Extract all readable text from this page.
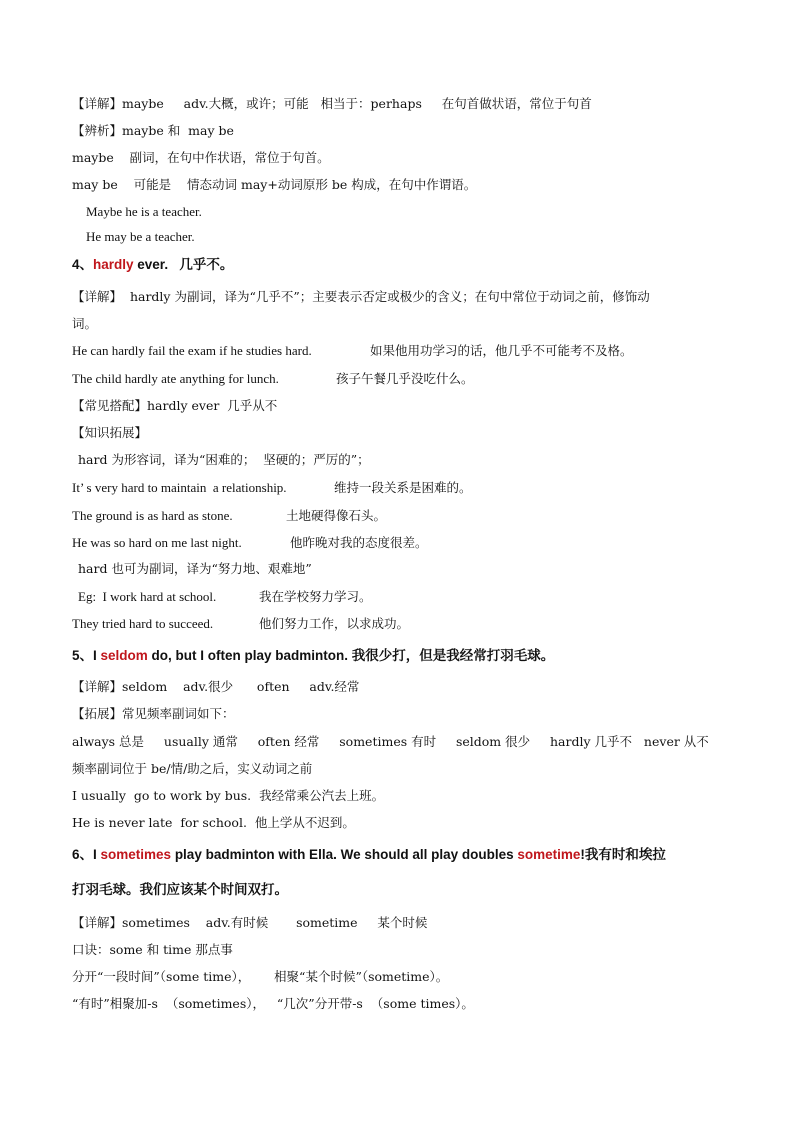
【详解】maybe     adv.大概，或许；可能   相当于：perhaps     在句首做状语，常位于句首
【辨析】maybe 和  may be
maybe    副词，在句中作状语，常位于句首。
may be    可能是    情态动词 may+动词原形 be 构成，在句中作谓语。
Maybe he is a teacher.
He may be a teacher.
4、hardly ever.   几乎不。
【详解】  hardly 为副词，译为“几乎不”；主要表示否定或极少的含义；在句中常位于动词之前，修饰动
词。
He can hardly fail the exam if he studies hard.	如果他用功学习的话，他几乎不可能考不及格。
The child hardly ate anything for lunch.	孩子午餐几乎没吃什么。
【常见搭配】hardly ever  几乎从不
【知识拓展】
hard 为形容词，译为“困难的；  坚硬的；严厉的”；
It’ s very hard to maintain  a relationship.	维持一段关系是困难的。
The ground is as hard as stone.	土地硬得像石头。
He was so hard on me last night.	他昨晚对我的态度很差。
hard 也可为副词，译为“努力地、艰难地”
Eg:  I work hard at school.	我在学校努力学习。
They tried hard to succeed.	他们努力工作，以求成功。
5、I seldom do, but I often play badminton. 我很少打，但是我经常打羽毛球。
【详解】seldom    adv.很少      often     adv.经常
【拓展】常见频率副词如下：
always 总是     usually 通常     often 经常     sometimes 有时     seldom 很少     hardly 几乎不   never 从不
频率副词位于 be/情/助之后，实义动词之前
I usually  go to work by bus.  我经常乘公汽去上班。
He is never late  for school.  他上学从不迟到。
6、I sometimes play badminton with Ella. We should all play doubles sometime!我有时和埃拉
打羽毛球。我们应该某个时间双打。
【详解】sometimes    adv.有时候       sometime     某个时候
口诀：some 和 time 那点事
分开“一段时间”（some time），      相聚“某个时候”（sometime）。
“有时”相聚加-s  （sometimes），   “几次”分开带-s  （some times）。
